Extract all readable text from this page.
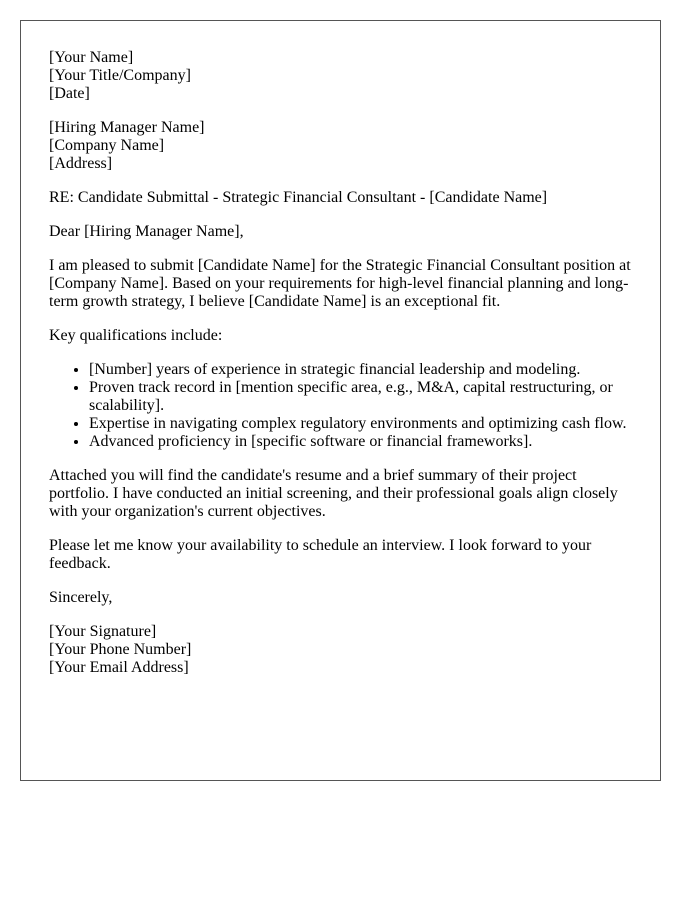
[Your Name]
[Your Title/Company]
[Date]
[Hiring Manager Name]
[Company Name]
[Address]

RE: Candidate Submittal - Strategic Financial Consultant - [Candidate Name]

Dear [Hiring Manager Name],

I am pleased to submit [Candidate Name] for the Strategic Financial Consultant position at [Company Name]. Based on your requirements for high-level financial planning and long-term growth strategy, I believe [Candidate Name] is an exceptional fit.

Key qualifications include:

• [Number] years of experience in strategic financial leadership and modeling.
• Proven track record in [mention specific area, e.g., M&A, capital restructuring, or scalability].
• Expertise in navigating complex regulatory environments and optimizing cash flow.
• Advanced proficiency in [specific software or financial frameworks].

Attached you will find the candidate's resume and a brief summary of their project portfolio. I have conducted an initial screening, and their professional goals align closely with your organization's current objectives.

Please let me know your availability to schedule an interview. I look forward to your feedback.

Sincerely,

[Your Signature]
[Your Phone Number]
[Your Email Address]
